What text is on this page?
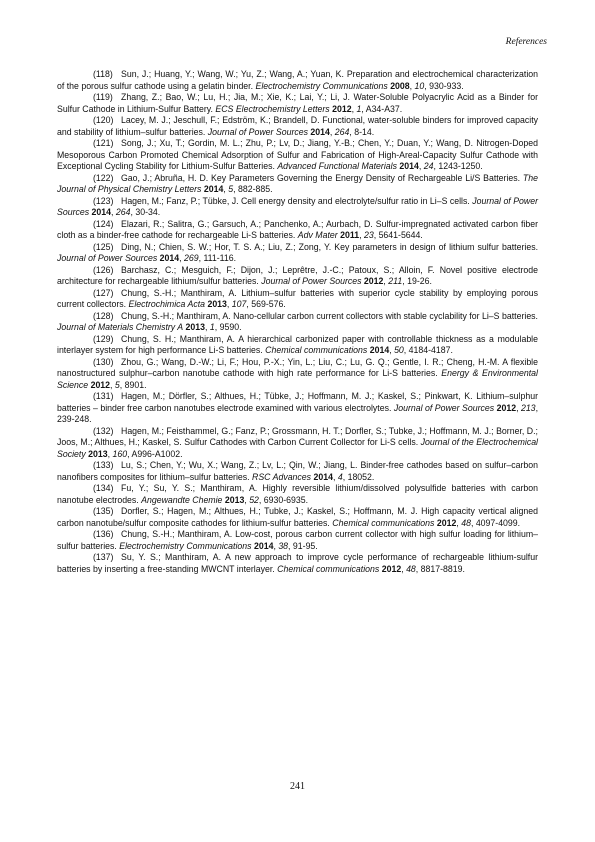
References

(118) Sun, J.; Huang, Y.; Wang, W.; Yu, Z.; Wang, A.; Yuan, K. Preparation and electrochemical characterization of the porous sulfur cathode using a gelatin binder. Electrochemistry Communications 2008, 10, 930-933.

(119) Zhang, Z.; Bao, W.; Lu, H.; Jia, M.; Xie, K.; Lai, Y.; Li, J. Water-Soluble Polyacrylic Acid as a Binder for Sulfur Cathode in Lithium-Sulfur Battery. ECS Electrochemistry Letters 2012, 1, A34-A37.

(120) Lacey, M. J.; Jeschull, F.; Edström, K.; Brandell, D. Functional, water-soluble binders for improved capacity and stability of lithium–sulfur batteries. Journal of Power Sources 2014, 264, 8-14.

(121) Song, J.; Xu, T.; Gordin, M. L.; Zhu, P.; Lv, D.; Jiang, Y.-B.; Chen, Y.; Duan, Y.; Wang, D. Nitrogen-Doped Mesoporous Carbon Promoted Chemical Adsorption of Sulfur and Fabrication of High-Areal-Capacity Sulfur Cathode with Exceptional Cycling Stability for Lithium-Sulfur Batteries. Advanced Functional Materials 2014, 24, 1243-1250.

(122) Gao, J.; Abruña, H. D. Key Parameters Governing the Energy Density of Rechargeable Li/S Batteries. The Journal of Physical Chemistry Letters 2014, 5, 882-885.

(123) Hagen, M.; Fanz, P.; Tübke, J. Cell energy density and electrolyte/sulfur ratio in Li–S cells. Journal of Power Sources 2014, 264, 30-34.

(124) Elazari, R.; Salitra, G.; Garsuch, A.; Panchenko, A.; Aurbach, D. Sulfur-impregnated activated carbon fiber cloth as a binder-free cathode for rechargeable Li-S batteries. Adv Mater 2011, 23, 5641-5644.

(125) Ding, N.; Chien, S. W.; Hor, T. S. A.; Liu, Z.; Zong, Y. Key parameters in design of lithium sulfur batteries. Journal of Power Sources 2014, 269, 111-116.

(126) Barchasz, C.; Mesguich, F.; Dijon, J.; Leprêtre, J.-C.; Patoux, S.; Alloin, F. Novel positive electrode architecture for rechargeable lithium/sulfur batteries. Journal of Power Sources 2012, 211, 19-26.

(127) Chung, S.-H.; Manthiram, A. Lithium–sulfur batteries with superior cycle stability by employing porous current collectors. Electrochimica Acta 2013, 107, 569-576.

(128) Chung, S.-H.; Manthiram, A. Nano-cellular carbon current collectors with stable cyclability for Li–S batteries. Journal of Materials Chemistry A 2013, 1, 9590.

(129) Chung, S. H.; Manthiram, A. A hierarchical carbonized paper with controllable thickness as a modulable interlayer system for high performance Li-S batteries. Chemical communications 2014, 50, 4184-4187.

(130) Zhou, G.; Wang, D.-W.; Li, F.; Hou, P.-X.; Yin, L.; Liu, C.; Lu, G. Q.; Gentle, I. R.; Cheng, H.-M. A flexible nanostructured sulphur–carbon nanotube cathode with high rate performance for Li-S batteries. Energy & Environmental Science 2012, 5, 8901.

(131) Hagen, M.; Dörfler, S.; Althues, H.; Tübke, J.; Hoffmann, M. J.; Kaskel, S.; Pinkwart, K. Lithium–sulphur batteries – binder free carbon nanotubes electrode examined with various electrolytes. Journal of Power Sources 2012, 213, 239-248.

(132) Hagen, M.; Feisthammel, G.; Fanz, P.; Grossmann, H. T.; Dorfler, S.; Tubke, J.; Hoffmann, M. J.; Borner, D.; Joos, M.; Althues, H.; Kaskel, S. Sulfur Cathodes with Carbon Current Collector for Li-S cells. Journal of the Electrochemical Society 2013, 160, A996-A1002.

(133) Lu, S.; Chen, Y.; Wu, X.; Wang, Z.; Lv, L.; Qin, W.; Jiang, L. Binder-free cathodes based on sulfur–carbon nanofibers composites for lithium–sulfur batteries. RSC Advances 2014, 4, 18052.

(134) Fu, Y.; Su, Y. S.; Manthiram, A. Highly reversible lithium/dissolved polysulfide batteries with carbon nanotube electrodes. Angewandte Chemie 2013, 52, 6930-6935.

(135) Dorfler, S.; Hagen, M.; Althues, H.; Tubke, J.; Kaskel, S.; Hoffmann, M. J. High capacity vertical aligned carbon nanotube/sulfur composite cathodes for lithium-sulfur batteries. Chemical communications 2012, 48, 4097-4099.

(136) Chung, S.-H.; Manthiram, A. Low-cost, porous carbon current collector with high sulfur loading for lithium–sulfur batteries. Electrochemistry Communications 2014, 38, 91-95.

(137) Su, Y. S.; Manthiram, A. A new approach to improve cycle performance of rechargeable lithium-sulfur batteries by inserting a free-standing MWCNT interlayer. Chemical communications 2012, 48, 8817-8819.

241
